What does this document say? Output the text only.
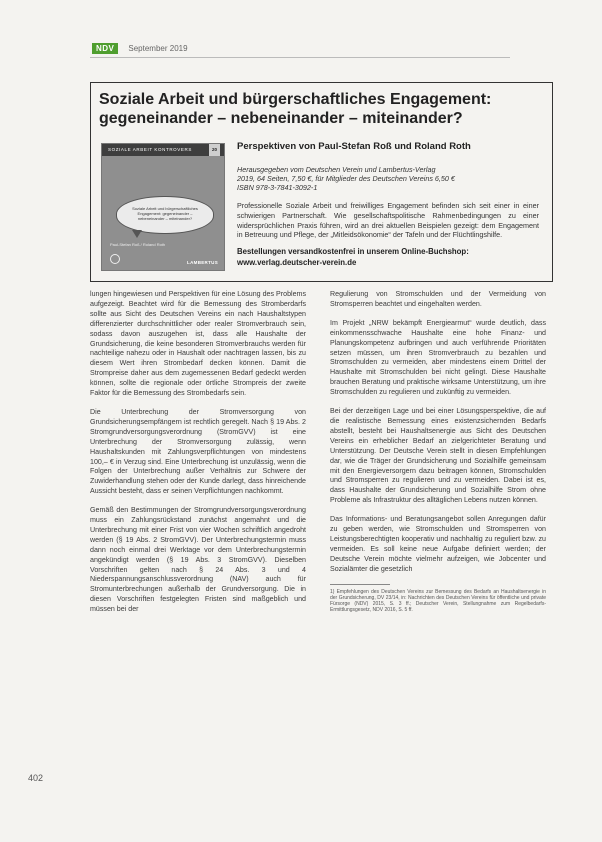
NDV	September 2019
Soziale Arbeit und bürgerschaftliches Engagement: gegeneinander – nebeneinander – miteinander?
SOZIALE ARBEIT KONTROVERS	20
Soziale Arbeit und bürgerschaftliches Engagement: gegeneinander – nebeneinander – miteinander?
Paul-Stefan Roß / Roland Roth
LAMBERTUS
Perspektiven von Paul-Stefan Roß und Roland Roth
Herausgegeben vom Deutschen Verein und Lambertus-Verlag
2019, 64 Seiten, 7,50 €, für Mitglieder des Deutschen Vereins 6,50 €
ISBN 978-3-7841-3092-1
Professionelle Soziale Arbeit und freiwilliges Engagement befinden sich seit einer in einer schwierigen Partnerschaft. Wie gesellschaftspolitische Rahmenbedingungen zu einer widersprüchlichen Praxis führen, wird an drei aktuellen Beispielen gezeigt: dem Engagement in Betreuung und Pflege, der „Mitleidsökonomie“ der Tafeln und der Flüchtlingshilfe.
Bestellungen versandkostenfrei in unserem Online-Buchshop:
www.verlag.deutscher-verein.de

lungen hingewiesen und Perspektiven für eine Lösung des Problems aufgezeigt. Beachtet wird für die Bemessung des Stromberdarfs sollte aus Sicht des Deutschen Vereins ein nach Haushaltstypen differenzierter durchschnittlicher oder realer Stromverbrauch sein, sodass davon auszugehen ist, dass alle Haushalte der Grundsicherung, die keine besonderen Stromverbrauchs werden für nachteilige nahezu oder in Haushalt oder nachtragen lassen, bis zu diesem Wert ihren Strombedarf decken können. Damit die Strompreise daher aus dem zugemessenen Bedarf gedeckt werden können, sollte die regionale oder örtliche Strompreis der zweite Faktor für die Bemessung des Strombedarfs sein.

Die Unterbrechung der Stromversorgung von Grundsicherungsempfängern ist rechtlich geregelt. Nach § 19 Abs. 2 Stromgrundversorgungsverordnung (StromGVV) ist eine Unterbrechung der Stromversorgung zulässig, wenn Haushaltskunden mit Zahlungsverpflichtungen von mindestens 100,– € in Verzug sind. Eine Unterbrechung ist unzulässig, wenn die Folgen der Unterbrechung außer Verhältnis zur Schwere der Zuwiderhandlung stehen oder der Kunde darlegt, dass hinreichende Aussicht besteht, dass er seinen Verpflichtungen nachkommt.

Gemäß den Bestimmungen der Stromgrundversorgungsverordnung muss ein Zahlungsrückstand zunächst angemahnt und die Unterbrechung mit einer Frist von vier Wochen schriftlich angedroht werden (§ 19 Abs. 2 StromGVV). Der Unterbrechungstermin muss dann noch einmal drei Werktage vor dem Unterbrechungstermin angekündigt werden (§ 19 Abs. 3 StromGVV). Dieselben Vorschriften gelten nach § 24 Abs. 3 und 4 Niederspannungsanschlussverordnung (NAV) auch für Stromunterbrechungen außerhalb der Grundversorgung. Die in diesen Vorschriften festgelegten Fristen sind maßgeblich und müssen bei der

Regulierung von Stromschulden und der Vermeidung von Stromsperren beachtet und eingehalten werden.

Im Projekt „NRW bekämpft Energiearmut“ wurde deutlich, dass einkommensschwache Haushalte eine hohe Finanz- und Planungskompetenz aufbringen und auch verführende Prioritäten setzen müssen, um ihren Stromverbrauch zu bezahlen und Stromschulden zu vermeiden, aber mindestens einem Drittel der Haushalte mit Stromschulden bei nicht gelingt. Diese Haushalte brauchen Beratung und praktische wirksame Unterstützung, um ihre Stromschulden zu regulieren und zukünftig zu vermeiden.

Bei der derzeitigen Lage und bei einer Lösungsperspektive, die auf die realistische Bemessung eines existenzsichernden Bedarfs abstellt, besteht bei Haushaltsenergie aus Sicht des Deutschen Vereins ein erheblicher Bedarf an zielgerichteter Beratung und Unterstützung. Der Deutsche Verein stellt in diesen Empfehlungen dar, wie die Träger der Grundsicherung und Sozialhilfe gemeinsam mit den Energieversorgern dazu beitragen können, Stromschulden und Stromsperren zu regulieren und zu vermeiden. Dabei ist es, dass Haushalte der Grundsicherung und Sozialhilfe Strom ohne Probleme als Infrastruktur des alltäglichen Lebens nutzen können.

Das Informations- und Beratungsangebot sollen Anregungen dafür zu geben werden, wie Stromschulden und Stromsperren von Leistungsberechtigten kooperativ und nachhaltig zu reguliert bzw. zu vermeiden. Es soll keine neue Aufgabe definiert werden; der Deutsche Verein möchte vielmehr aufzeigen, wie Jobcenter und Sozialämter die gesetzlich

1) Empfehlungen des Deutschen Vereins zur Bemessung des Bedarfs an Haushaltsenergie in der Grundsicherung, DV 23/14, in: Nachrichten des Deutschen Vereins für öffentliche und private Fürsorge (NDV) 2015, S. 3 ff.; Deutscher Verein, Stellungnahme zum Regelbedarfs-Ermittlungsgesetz, NDV 2016, S. 5 ff.
402
